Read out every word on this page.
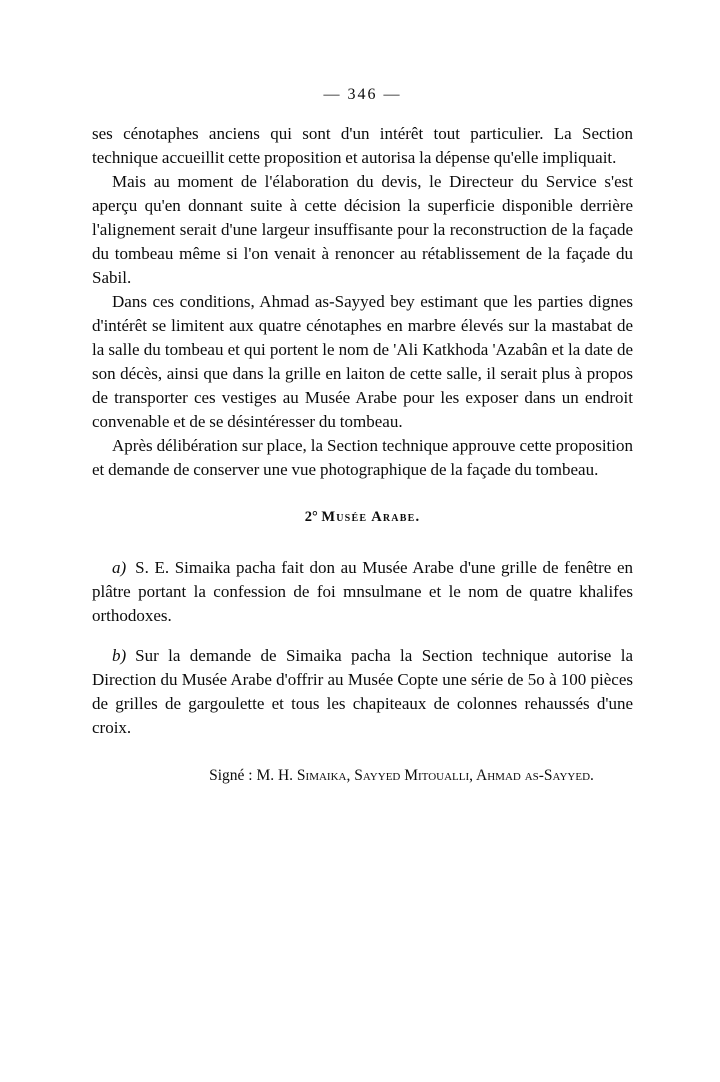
— 346 —

ses cénotaphes anciens qui sont d'un intérêt tout particulier. La Section technique accueillit cette proposition et autorisa la dépense qu'elle impliquait.

Mais au moment de l'élaboration du devis, le Directeur du Service s'est aperçu qu'en donnant suite à cette décision la superficie disponible derrière l'alignement serait d'une largeur insuffisante pour la reconstruction de la façade du tombeau même si l'on venait à renoncer au rétablissement de la façade du Sabil.

Dans ces conditions, Ahmad as-Sayyed bey estimant que les parties dignes d'intérêt se limitent aux quatre cénotaphes en marbre élevés sur la mastabat de la salle du tombeau et qui portent le nom de 'Ali Katkhoda 'Azabân et la date de son décès, ainsi que dans la grille en laiton de cette salle, il serait plus à propos de transporter ces vestiges au Musée Arabe pour les exposer dans un endroit convenable et de se désintéresser du tombeau.

Après délibération sur place, la Section technique approuve cette proposition et demande de conserver une vue photographique de la façade du tombeau.

2° Musée Arabe.

a) S. E. Simaika pacha fait don au Musée Arabe d'une grille de fenêtre en plâtre portant la confession de foi mnsulmane et le nom de quatre khalifes orthodoxes.

b) Sur la demande de Simaika pacha la Section technique autorise la Direction du Musée Arabe d'offrir au Musée Copte une série de 5o à 100 pièces de grilles de gargoulette et tous les chapiteaux de colonnes rehaussés d'une croix.

Signé : M. H. Simaika, Sayyed Mitoualli, Ahmad as-Sayyed.
